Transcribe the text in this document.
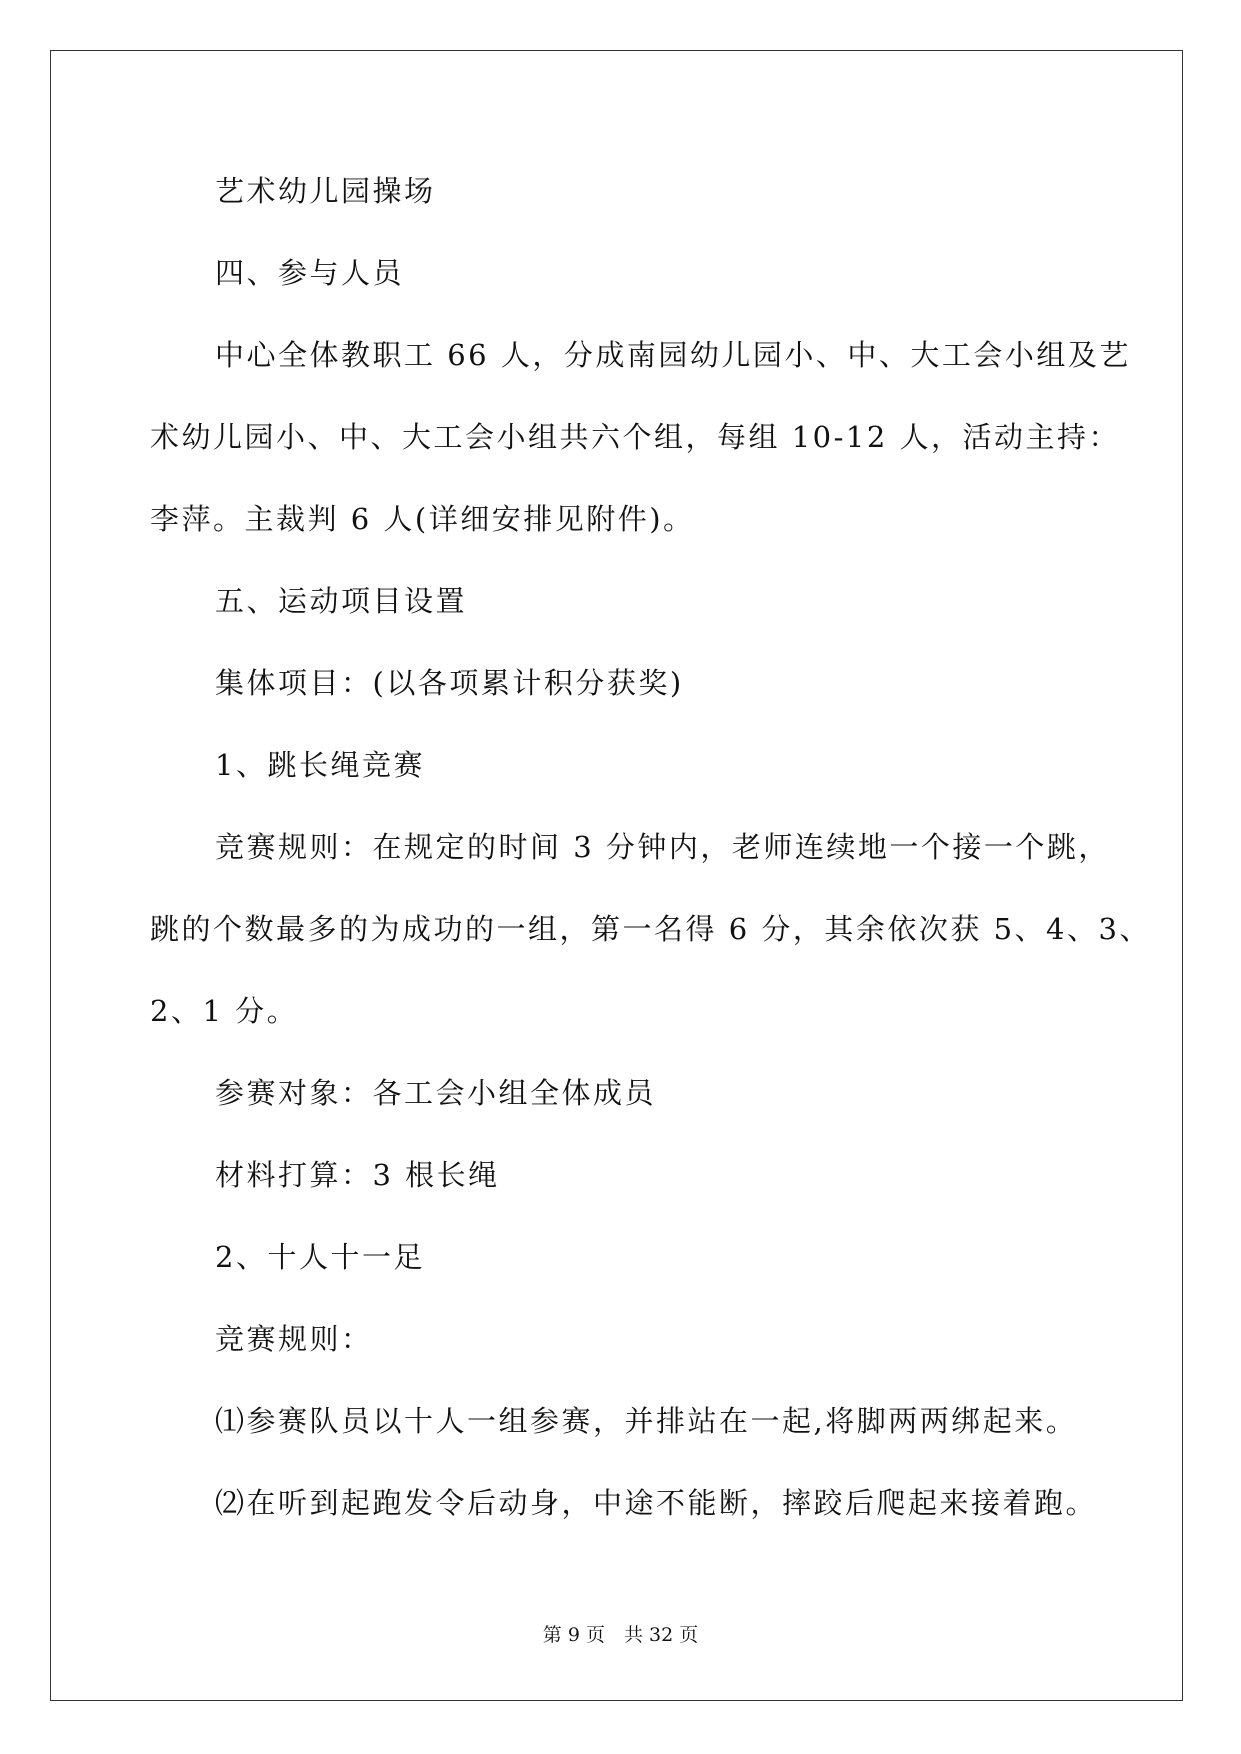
艺术幼儿园操场

四、参与人员

中心全体教职工 66 人，分成南园幼儿园小、中、大工会小组及艺

术幼儿园小、中、大工会小组共六个组，每组 10-12 人，活动主持：

李萍。主裁判 6 人(详细安排见附件)。

五、运动项目设置

集体项目：(以各项累计积分获奖)

1、跳长绳竞赛

竞赛规则：在规定的时间 3 分钟内，老师连续地一个接一个跳，

跳的个数最多的为成功的一组，第一名得 6 分，其余依次获 5、4、3、

2、1 分。

参赛对象：各工会小组全体成员

材料打算：3 根长绳

2、十人十一足

竞赛规则：

⑴参赛队员以十人一组参赛，并排站在一起,将脚两两绑起来。

⑵在听到起跑发令后动身，中途不能断，摔跤后爬起来接着跑。

第 9 页　共 32 页
